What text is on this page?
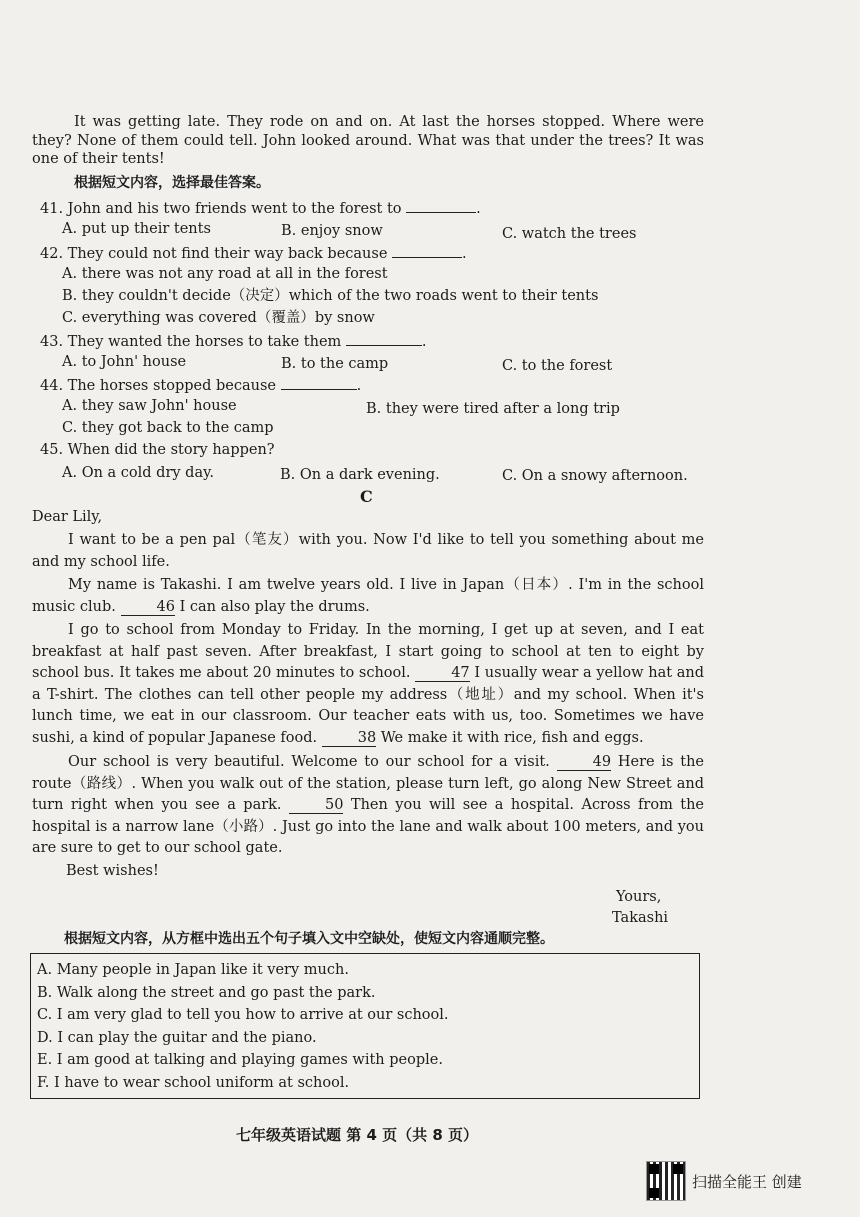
It was getting late. They rode on and on. At last the horses stopped. Where were they? None of them could tell. John looked around. What was that under the trees? It was one of their tents!
根据短文内容，选择最佳答案。
41. John and his two friends went to the forest to	.
A. put up their tents	B. enjoy snow	C. watch the trees
42. They could not find their way back because	.
A. there was not any road at all in the forest
B. they couldn't decide（决定）which of the two roads went to their tents
C. everything was covered（覆盖）by snow
43. They wanted the horses to take them	.
A. to John' house	B. to the camp	C. to the forest
44. The horses stopped because	.
A. they saw John' house	B. they were tired after a long trip
C. they got back to the camp
45. When did the story happen?
A. On a cold dry day.	B. On a dark evening.	C. On a snowy afternoon.
C
Dear Lily,
I want to be a pen pal（笔友）with you. Now I'd like to tell you something about me and my school life.
My name is Takashi. I am twelve years old. I live in Japan（日本）. I'm in the school music club.	46 I can also play the drums.
I go to school from Monday to Friday. In the morning, I get up at seven, and I eat breakfast at half past seven. After breakfast, I start going to school at ten to eight by school bus. It takes me about 20 minutes to school.	47 I usually wear a yellow hat and a T-shirt. The clothes can tell other people my address（地址）and my school. When it's lunch time, we eat in our classroom. Our teacher eats with us, too. Sometimes we have sushi, a kind of popular Japanese food.	38 We make it with rice, fish and eggs.
Our school is very beautiful. Welcome to our school for a visit.	49 Here is the route（路线）. When you walk out of the station, please turn left, go along New Street and turn right when you see a park.	50 Then you will see a hospital. Across from the hospital is a narrow lane（小路）. Just go into the lane and walk about 100 meters, and you are sure to get to our school gate.
Best wishes!
Yours,
Takashi
根据短文内容，从方框中选出五个句子填入文中空缺处，使短文内容通顺完整。
A. Many people in Japan like it very much.
B. Walk along the street and go past the park.
C. I am very glad to tell you how to arrive at our school.
D. I can play the guitar and the piano.
E. I am good at talking and playing games with people.
F. I have to wear school uniform at school.
七年级英语试题 第 4 页（共 8 页）
扫描全能王 创建
